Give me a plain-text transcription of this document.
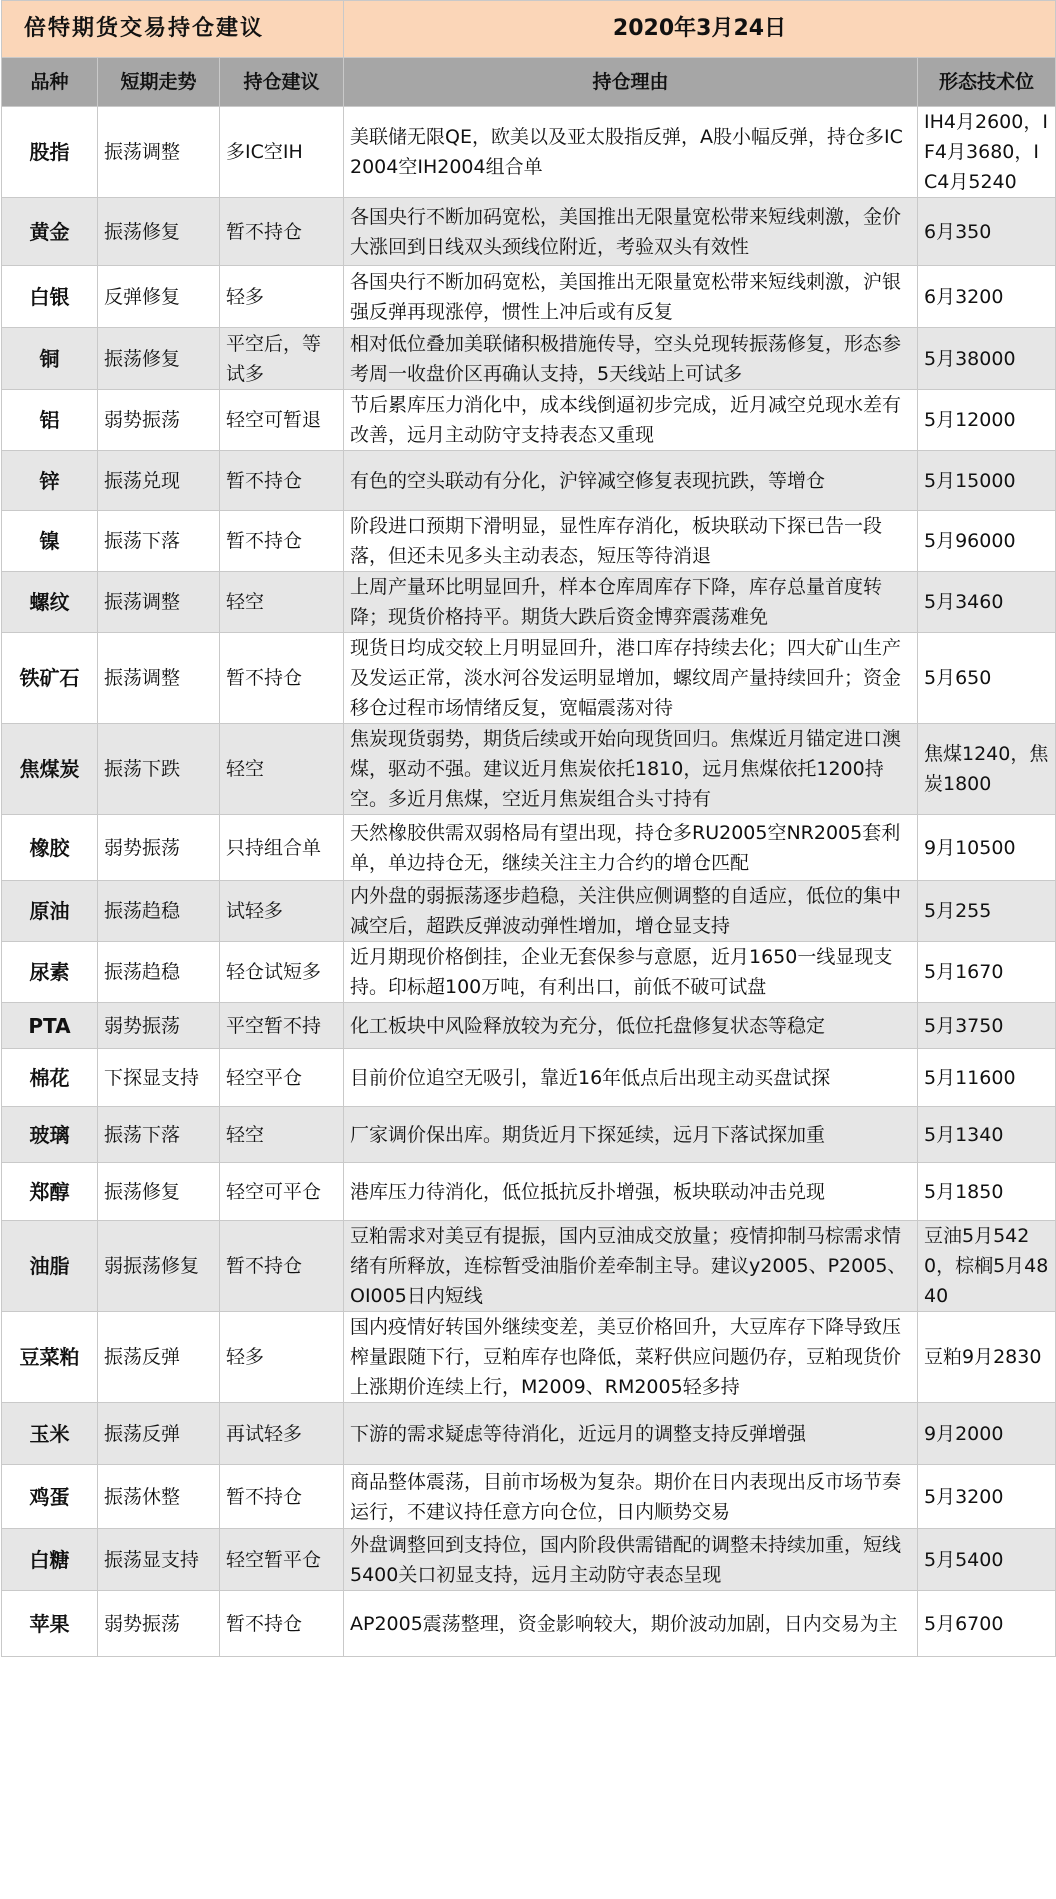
倍特期货交易持仓建议			2020年3月24日	
品种	短期走势	持仓建议	持仓理由	形态技术位
股指	振荡调整	多IC空IH	美联储无限QE，欧美以及亚太股指反弹，A股小幅反弹，持仓多IC2004空IH2004组合单	IH4月2600，IF4月3680，IC4月5240
黄金	振荡修复	暂不持仓	各国央行不断加码宽松，美国推出无限量宽松带来短线刺激，金价大涨回到日线双头颈线位附近，考验双头有效性	6月350
白银	反弹修复	轻多	各国央行不断加码宽松，美国推出无限量宽松带来短线刺激，沪银强反弹再现涨停，惯性上冲后或有反复	6月3200
铜	振荡修复	平空后，等试多	相对低位叠加美联储积极措施传导，空头兑现转振荡修复，形态参考周一收盘价区再确认支持，5天线站上可试多	5月38000
铝	弱势振荡	轻空可暂退	节后累库压力消化中，成本线倒逼初步完成，近月减空兑现水差有改善，远月主动防守支持表态又重现	5月12000
锌	振荡兑现	暂不持仓	有色的空头联动有分化，沪锌减空修复表现抗跌，等增仓	5月15000
镍	振荡下落	暂不持仓	阶段进口预期下滑明显，显性库存消化，板块联动下探已告一段落，但还未见多头主动表态，短压等待消退	5月96000
螺纹	振荡调整	轻空	上周产量环比明显回升，样本仓库周库存下降，库存总量首度转降；现货价格持平。期货大跌后资金博弈震荡难免	5月3460
铁矿石	振荡调整	暂不持仓	现货日均成交较上月明显回升，港口库存持续去化；四大矿山生产及发运正常，淡水河谷发运明显增加，螺纹周产量持续回升；资金移仓过程市场情绪反复，宽幅震荡对待	5月650
焦煤炭	振荡下跌	轻空	焦炭现货弱势，期货后续或开始向现货回归。焦煤近月锚定进口澳煤，驱动不强。建议近月焦炭依托1810，远月焦煤依托1200持空。多近月焦煤，空近月焦炭组合头寸持有	焦煤1240，焦炭1800
橡胶	弱势振荡	只持组合单	天然橡胶供需双弱格局有望出现，持仓多RU2005空NR2005套利单，单边持仓无，继续关注主力合约的增仓匹配	9月10500
原油	振荡趋稳	试轻多	内外盘的弱振荡逐步趋稳，关注供应侧调整的自适应，低位的集中减空后，超跌反弹波动弹性增加，增仓显支持	5月255
尿素	振荡趋稳	轻仓试短多	近月期现价格倒挂，企业无套保参与意愿，近月1650一线显现支持。印标超100万吨，有利出口，前低不破可试盘	5月1670
PTA	弱势振荡	平空暂不持	化工板块中风险释放较为充分，低位托盘修复状态等稳定	5月3750
棉花	下探显支持	轻空平仓	目前价位追空无吸引，靠近16年低点后出现主动买盘试探	5月11600
玻璃	振荡下落	轻空	厂家调价保出库。期货近月下探延续，远月下落试探加重	5月1340
郑醇	振荡修复	轻空可平仓	港库压力待消化，低位抵抗反扑增强，板块联动冲击兑现	5月1850
油脂	弱振荡修复	暂不持仓	豆粕需求对美豆有提振，国内豆油成交放量；疫情抑制马棕需求情绪有所释放，连棕暂受油脂价差牵制主导。建议y2005、P2005、OI005日内短线	豆油5月5420，棕榈5月4840
豆菜粕	振荡反弹	轻多	国内疫情好转国外继续变差，美豆价格回升，大豆库存下降导致压榨量跟随下行，豆粕库存也降低，菜籽供应问题仍存，豆粕现货价上涨期价连续上行，M2009、RM2005轻多持	豆粕9月2830
玉米	振荡反弹	再试轻多	下游的需求疑虑等待消化，近远月的调整支持反弹增强	9月2000
鸡蛋	振荡休整	暂不持仓	商品整体震荡，目前市场极为复杂。期价在日内表现出反市场节奏运行，不建议持任意方向仓位，日内顺势交易	5月3200
白糖	振荡显支持	轻空暂平仓	外盘调整回到支持位，国内阶段供需错配的调整未持续加重，短线5400关口初显支持，远月主动防守表态呈现	5月5400
苹果	弱势振荡	暂不持仓	AP2005震荡整理，资金影响较大，期价波动加剧，日内交易为主	5月6700
